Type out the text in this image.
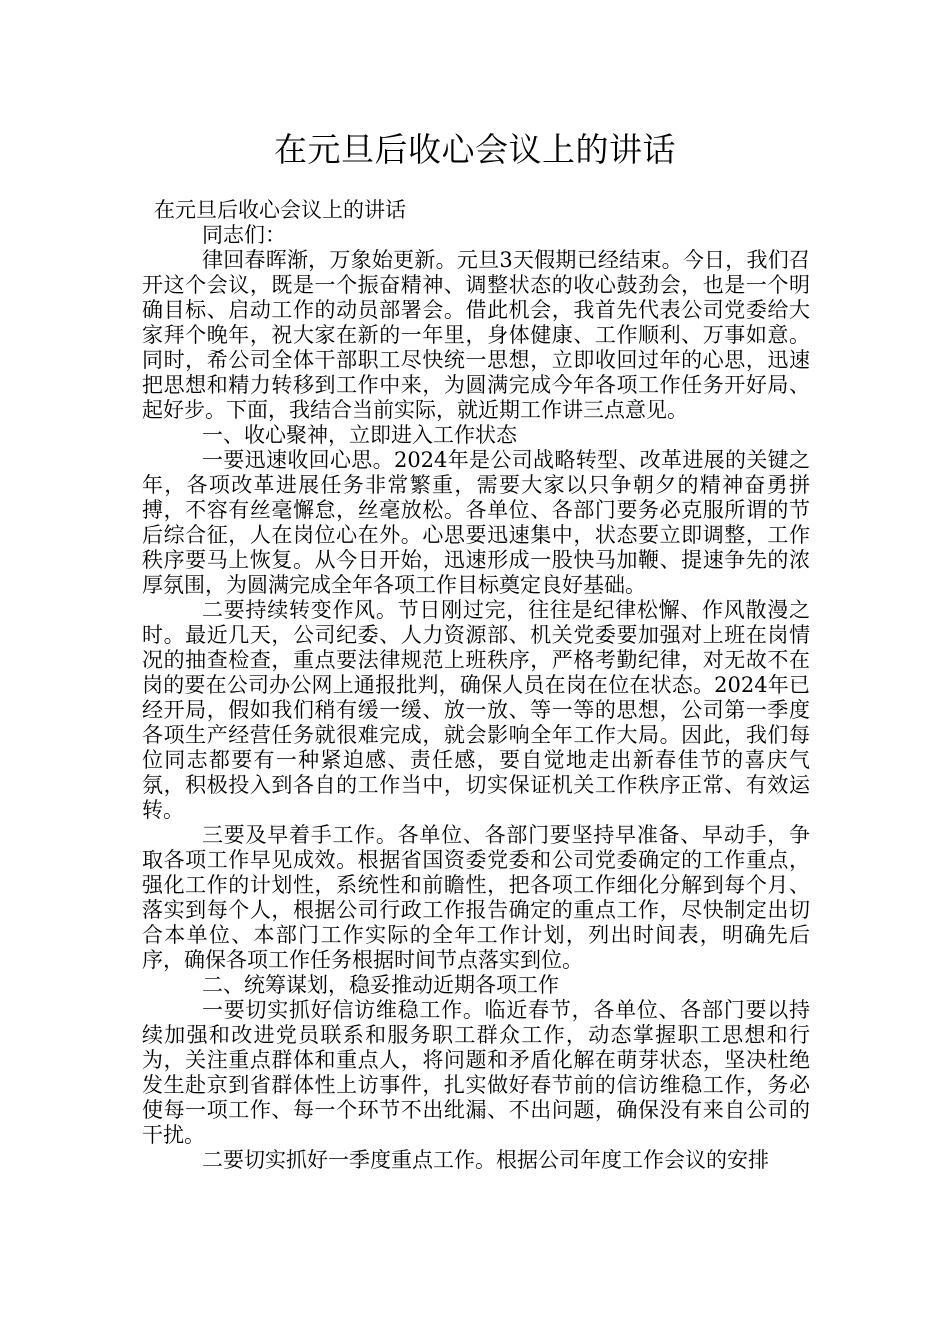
在元旦后收心会议上的讲话

在元旦后收心会议上的讲话

同志们：

律回春晖渐，万象始更新。元旦3天假期已经结束。今日，我们召开这个会议，既是一个振奋精神、调整状态的收心鼓劲会，也是一个明确目标、启动工作的动员部署会。借此机会，我首先代表公司党委给大家拜个晚年，祝大家在新的一年里，身体健康、工作顺利、万事如意。同时，希公司全体干部职工尽快统一思想，立即收回过年的心思，迅速把思想和精力转移到工作中来，为圆满完成今年各项工作任务开好局、起好步。下面，我结合当前实际，就近期工作讲三点意见。

一、收心聚神，立即进入工作状态

一要迅速收回心思。2024年是公司战略转型、改革进展的关键之年，各项改革进展任务非常繁重，需要大家以只争朝夕的精神奋勇拼搏，不容有丝毫懈怠，丝毫放松。各单位、各部门要务必克服所谓的节后综合征，人在岗位心在外。心思要迅速集中，状态要立即调整，工作秩序要马上恢复。从今日开始，迅速形成一股快马加鞭、提速争先的浓厚氛围，为圆满完成全年各项工作目标奠定良好基础。

二要持续转变作风。节日刚过完，往往是纪律松懈、作风散漫之时。最近几天，公司纪委、人力资源部、机关党委要加强对上班在岗情况的抽查检查，重点要法律规范上班秩序，严格考勤纪律，对无故不在岗的要在公司办公网上通报批判，确保人员在岗在位在状态。2024年已经开局，假如我们稍有缓一缓、放一放、等一等的思想，公司第一季度各项生产经营任务就很难完成，就会影响全年工作大局。因此，我们每位同志都要有一种紧迫感、责任感，要自觉地走出新春佳节的喜庆气氛，积极投入到各自的工作当中，切实保证机关工作秩序正常、有效运转。

三要及早着手工作。各单位、各部门要坚持早准备、早动手，争取各项工作早见成效。根据省国资委党委和公司党委确定的工作重点，强化工作的计划性，系统性和前瞻性，把各项工作细化分解到每个月、落实到每个人，根据公司行政工作报告确定的重点工作，尽快制定出切合本单位、本部门工作实际的全年工作计划，列出时间表，明确先后序，确保各项工作任务根据时间节点落实到位。

二、统筹谋划，稳妥推动近期各项工作

一要切实抓好信访维稳工作。临近春节，各单位、各部门要以持续加强和改进党员联系和服务职工群众工作，动态掌握职工思想和行为，关注重点群体和重点人，将问题和矛盾化解在萌芽状态，坚决杜绝发生赴京到省群体性上访事件，扎实做好春节前的信访维稳工作，务必使每一项工作、每一个环节不出纰漏、不出问题，确保没有来自公司的干扰。

二要切实抓好一季度重点工作。根据公司年度工作会议的安排
